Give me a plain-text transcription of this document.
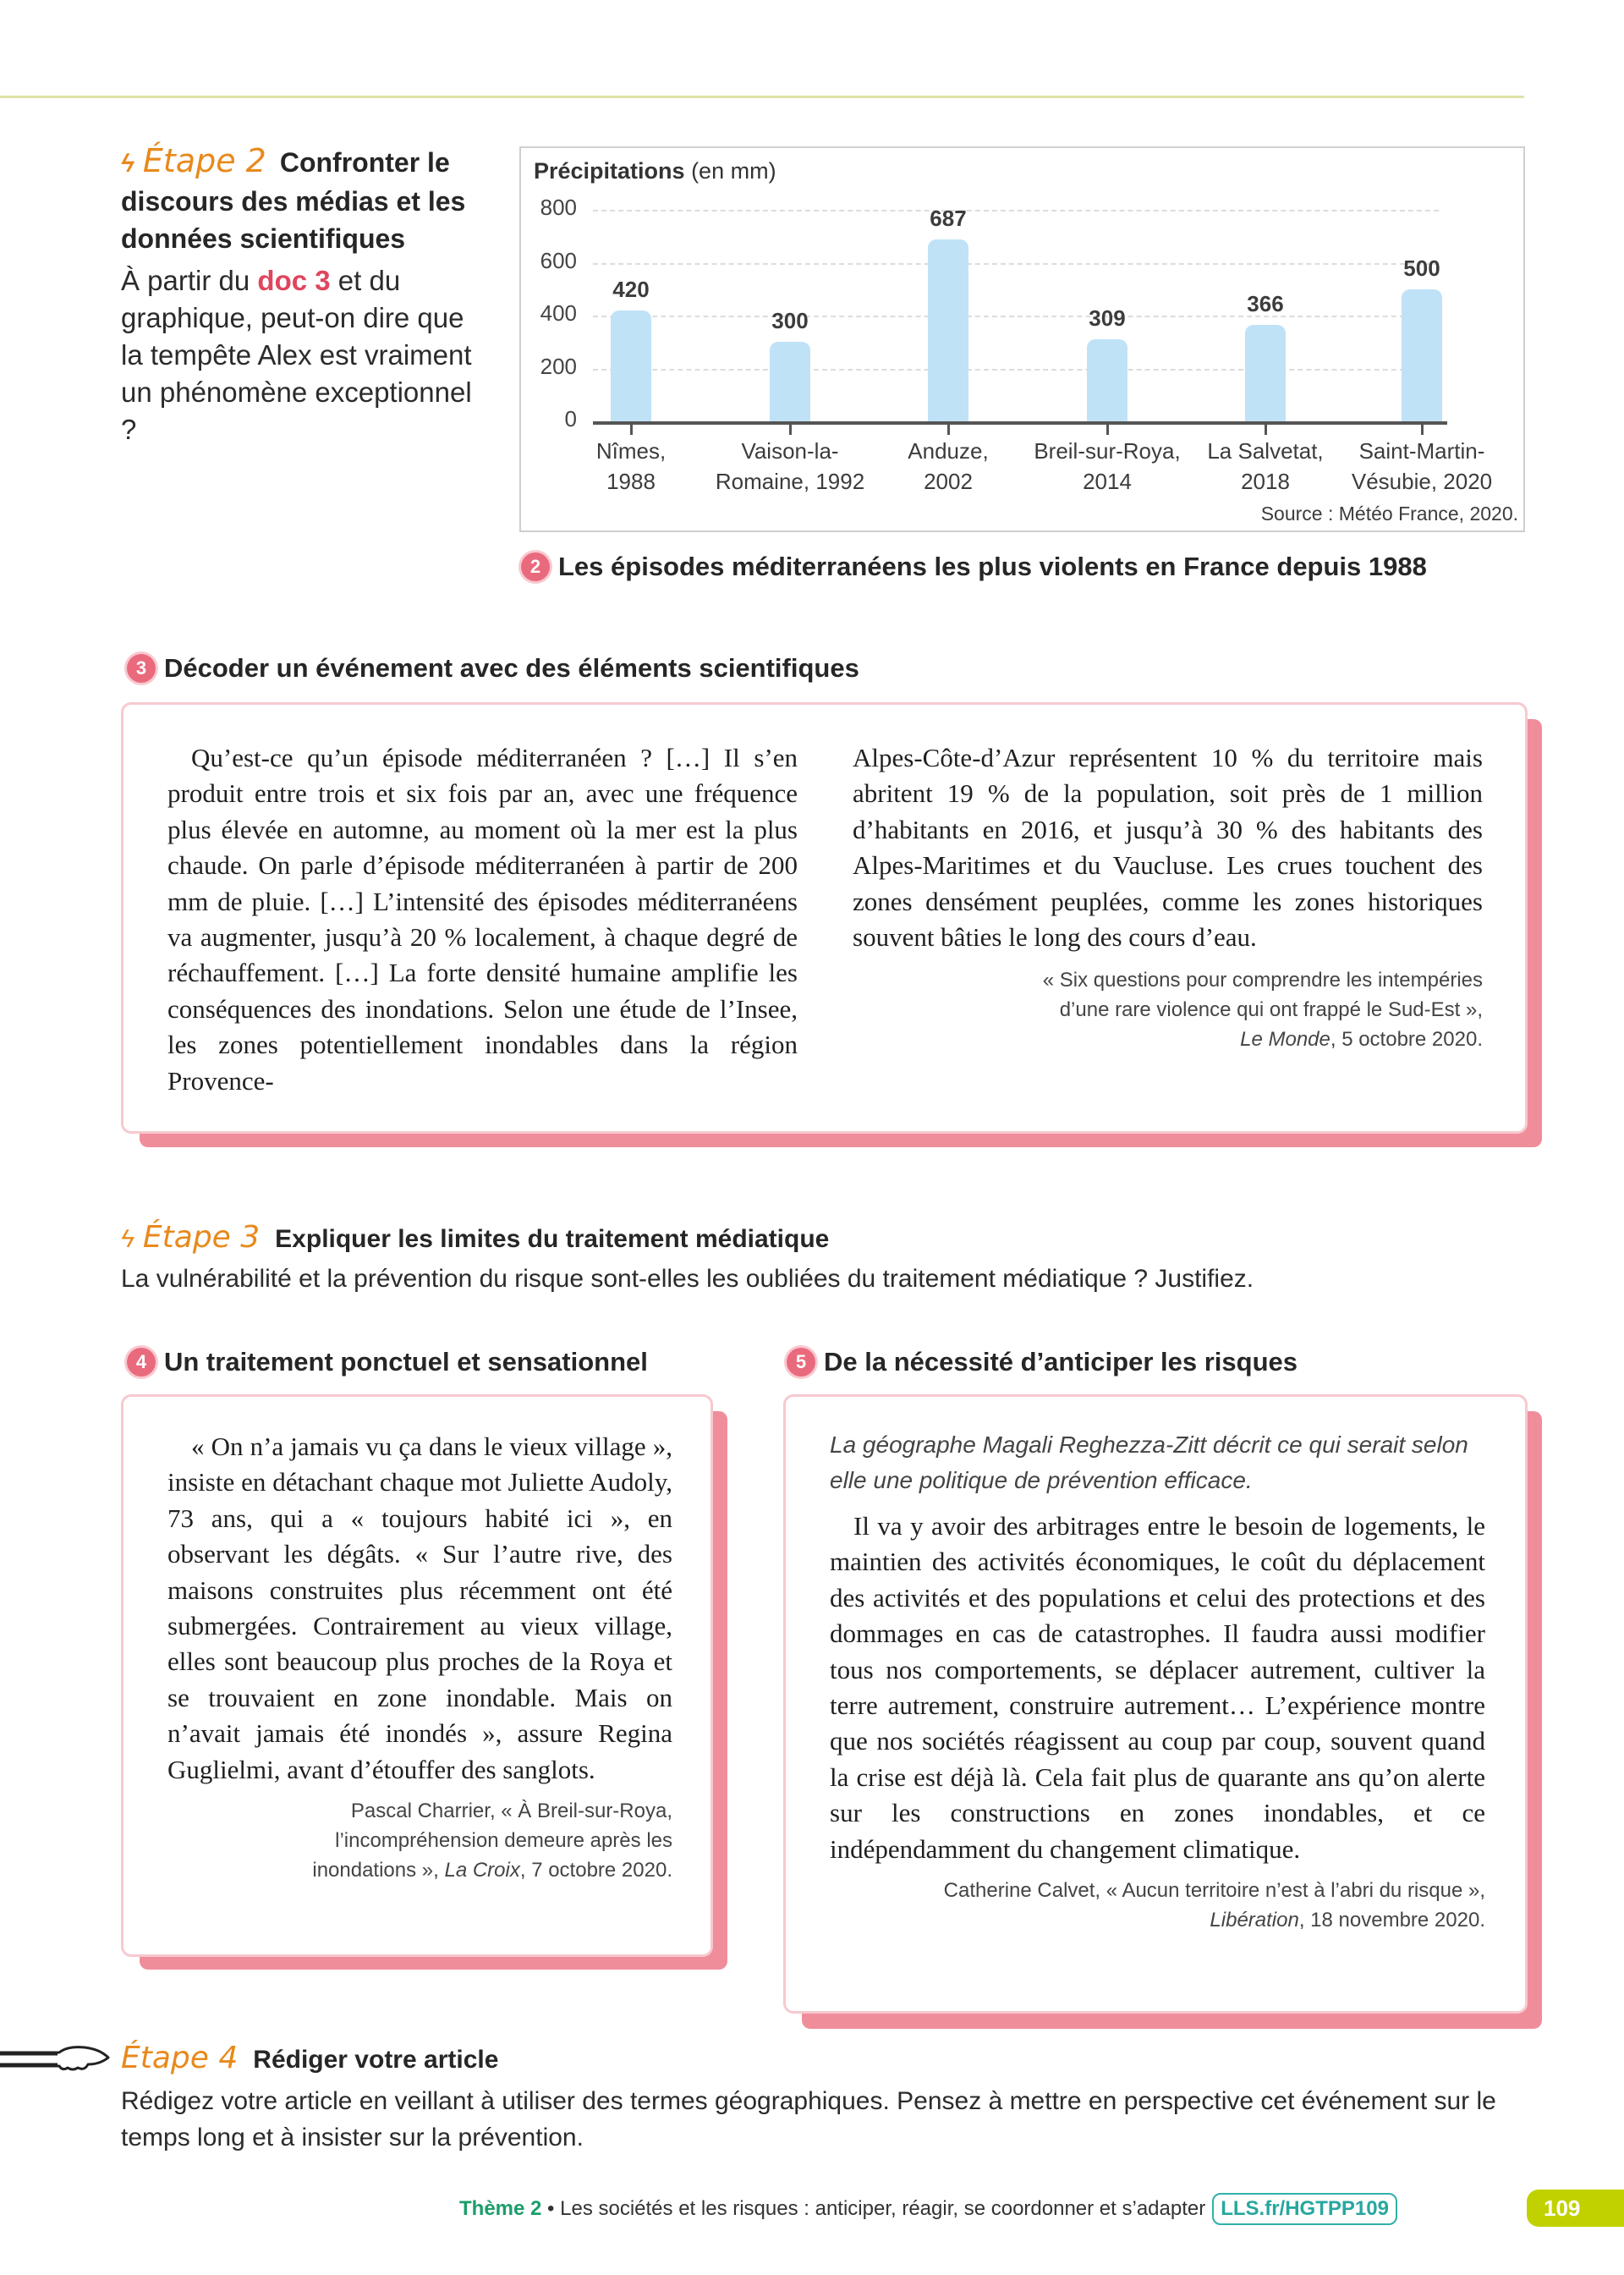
ϟ Étape 2 Confronter le discours des médias et les données scientifiques
À partir du doc 3 et du graphique, peut-on dire que la tempête Alex est vraiment un phénomène exceptionnel ?
Précipitations (en mm)
800
600
400
200
0
420
Nîmes,
1988
300
Vaison-la-
Romaine, 1992
687
Anduze,
2002
309
Breil-sur-Roya,
2014
366
La Salvetat,
2018
500
Saint-Martin-
Vésubie, 2020
Source : Météo France, 2020.
2 Les épisodes méditerranéens les plus violents en France depuis 1988
3 Décoder un événement avec des éléments scientifiques
Qu’est-ce qu’un épisode méditerranéen ? […] Il s’en produit entre trois et six fois par an, avec une fréquence plus élevée en automne, au moment où la mer est la plus chaude. On parle d’épisode méditerranéen à partir de 200 mm de pluie. […] L’intensité des épisodes méditerranéens va augmenter, jusqu’à 20 % localement, à chaque degré de réchauffement. […] La forte densité humaine amplifie les conséquences des inondations. Selon une étude de l’Insee, les zones potentiellement inondables dans la région Provence-
Alpes-Côte-d’Azur représentent 10 % du territoire mais abritent 19 % de la population, soit près de 1 million d’habitants en 2016, et jusqu’à 30 % des habitants des Alpes-Maritimes et du Vaucluse. Les crues touchent des zones densément peuplées, comme les zones historiques souvent bâties le long des cours d’eau.
« Six questions pour comprendre les intempéries
d’une rare violence qui ont frappé le Sud-Est »,
Le Monde, 5 octobre 2020.
ϟ Étape 3 Expliquer les limites du traitement médiatique
La vulnérabilité et la prévention du risque sont-elles les oubliées du traitement médiatique ? Justifiez.
4 Un traitement ponctuel et sensationnel
« On n’a jamais vu ça dans le vieux village », insiste en détachant chaque mot Juliette Audoly, 73 ans, qui a « toujours habité ici », en observant les dégâts. « Sur l’autre rive, des maisons construites plus récemment ont été submergées. Contrairement au vieux village, elles sont beaucoup plus proches de la Roya et se trouvaient en zone inondable. Mais on n’avait jamais été inondés », assure Regina Guglielmi, avant d’étouffer des sanglots.
Pascal Charrier, « À Breil-sur-Roya,
l’incompréhension demeure après les
inondations », La Croix, 7 octobre 2020.
5 De la nécessité d’anticiper les risques
La géographe Magali Reghezza-Zitt décrit ce qui serait selon elle une politique de prévention efficace.
Il va y avoir des arbitrages entre le besoin de logements, le maintien des activités économiques, le coût du déplacement des activités et des populations et celui des protections et des dommages en cas de catastrophes. Il faudra aussi modifier tous nos comportements, se déplacer autrement, cultiver la terre autrement, construire autrement… L’expérience montre que nos sociétés réagissent au coup par coup, souvent quand la crise est déjà là. Cela fait plus de quarante ans qu’on alerte sur les constructions en zones inondables, et ce indépendamment du changement climatique.
Catherine Calvet, « Aucun territoire n’est à l’abri du risque »,
Libération, 18 novembre 2020.
Étape 4 Rédiger votre article
Rédigez votre article en veillant à utiliser des termes géographiques. Pensez à mettre en perspective cet événement sur le temps long et à insister sur la prévention.
Thème 2 • Les sociétés et les risques : anticiper, réagir, se coordonner et s’adapter LLS.fr/HGTPP109	109
